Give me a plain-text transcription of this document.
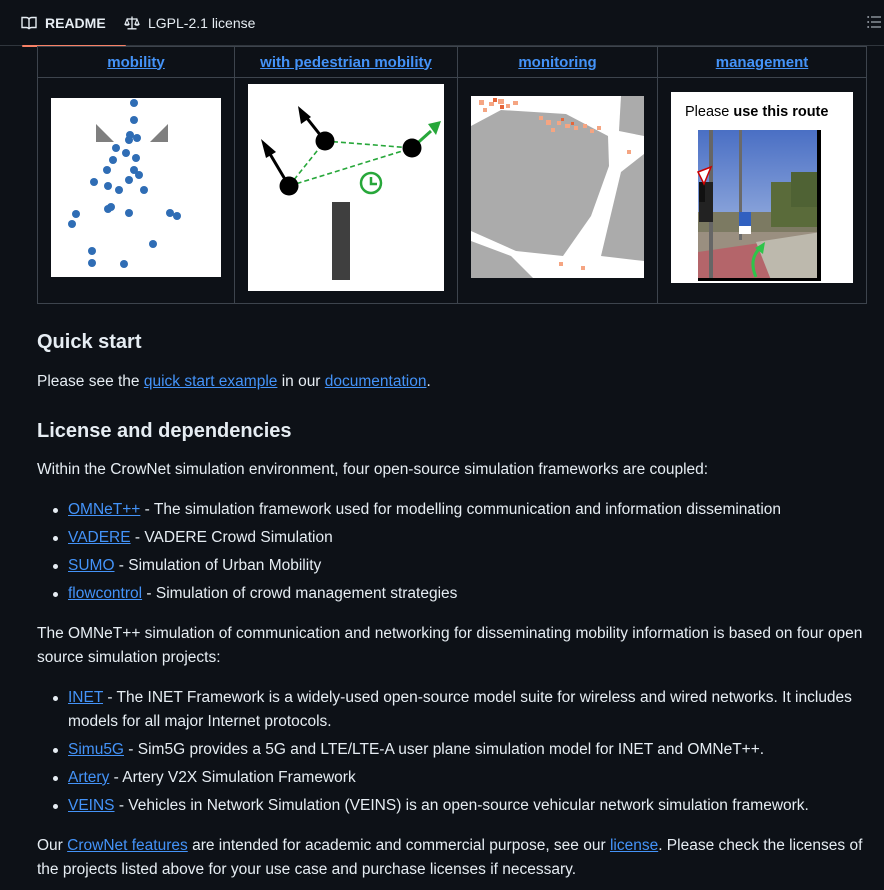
README	LGPL-2.1 license
mobility	with pedestrian mobility	monitoring	management
Please use this route
Quick start
Please see the quick start example in our documentation.
License and dependencies
Within the CrowNet simulation environment, four open-source simulation frameworks are coupled:
OMNeT++ - The simulation framework used for modelling communication and information dissemination
VADERE - VADERE Crowd Simulation
SUMO - Simulation of Urban Mobility
flowcontrol - Simulation of crowd management strategies
The OMNeT++ simulation of communication and networking for disseminating mobility information is based on four open source simulation projects:
INET - The INET Framework is a widely-used open-source model suite for wireless and wired networks. It includes models for all major Internet protocols.
Simu5G - Sim5G provides a 5G and LTE/LTE-A user plane simulation model for INET and OMNeT++.
Artery - Artery V2X Simulation Framework
VEINS - Vehicles in Network Simulation (VEINS) is an open-source vehicular network simulation framework.
Our CrowNet features are intended for academic and commercial purpose, see our license. Please check the licenses of the projects listed above for your use case and purchase licenses if necessary.
